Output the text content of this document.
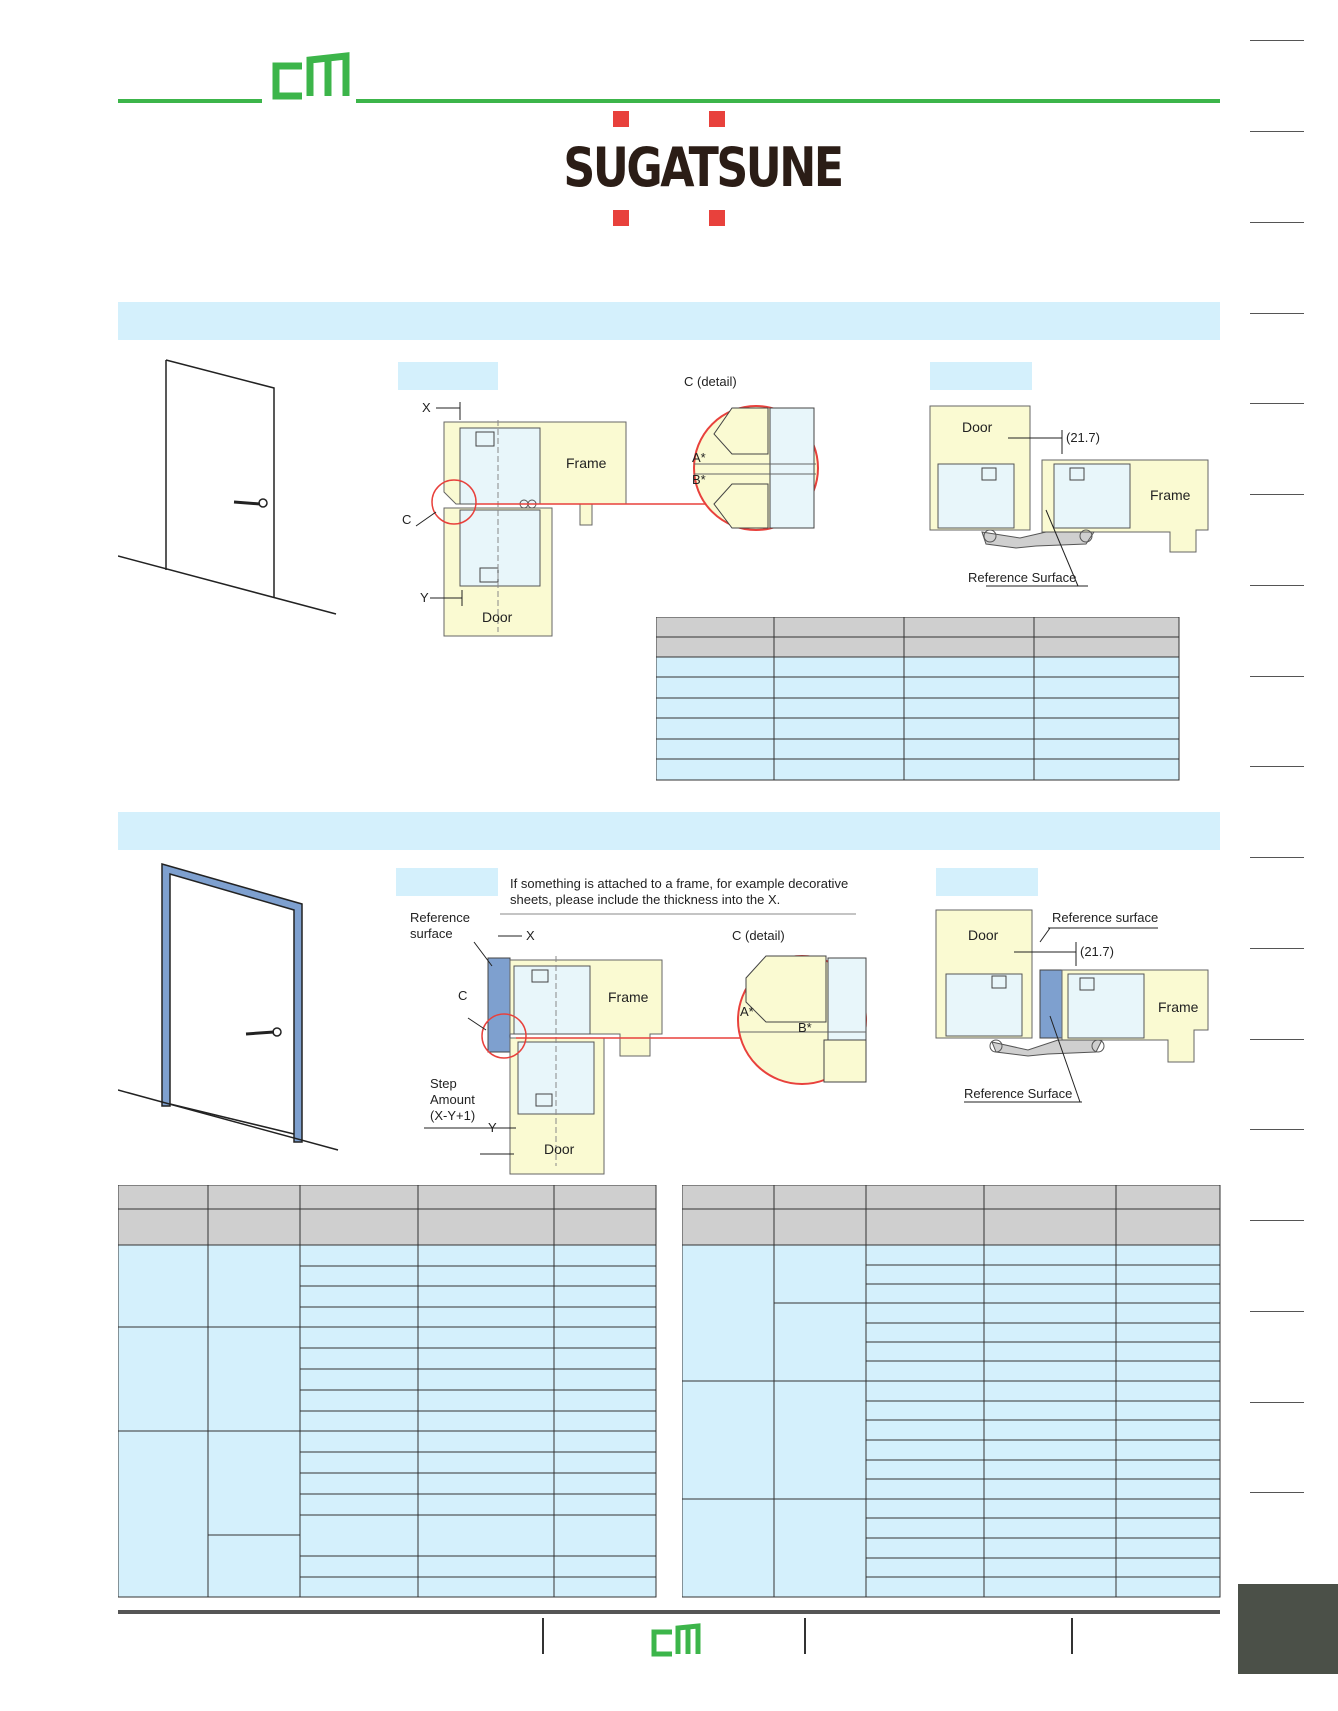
SUGATSUNE
X
Y
C
Frame
Door
C (detail)
A*
B*
(21.7)
Door
Frame
Reference Surface
If something is attached to a frame, for example decorative
sheets, please include the thickness into the X.
Reference
surface	X
C	Frame
Step
Amount
(X-Y+1)
Y
Door
C (detail)
A*
B*
Reference surface
(21.7)
Door
Frame
Reference Surface
